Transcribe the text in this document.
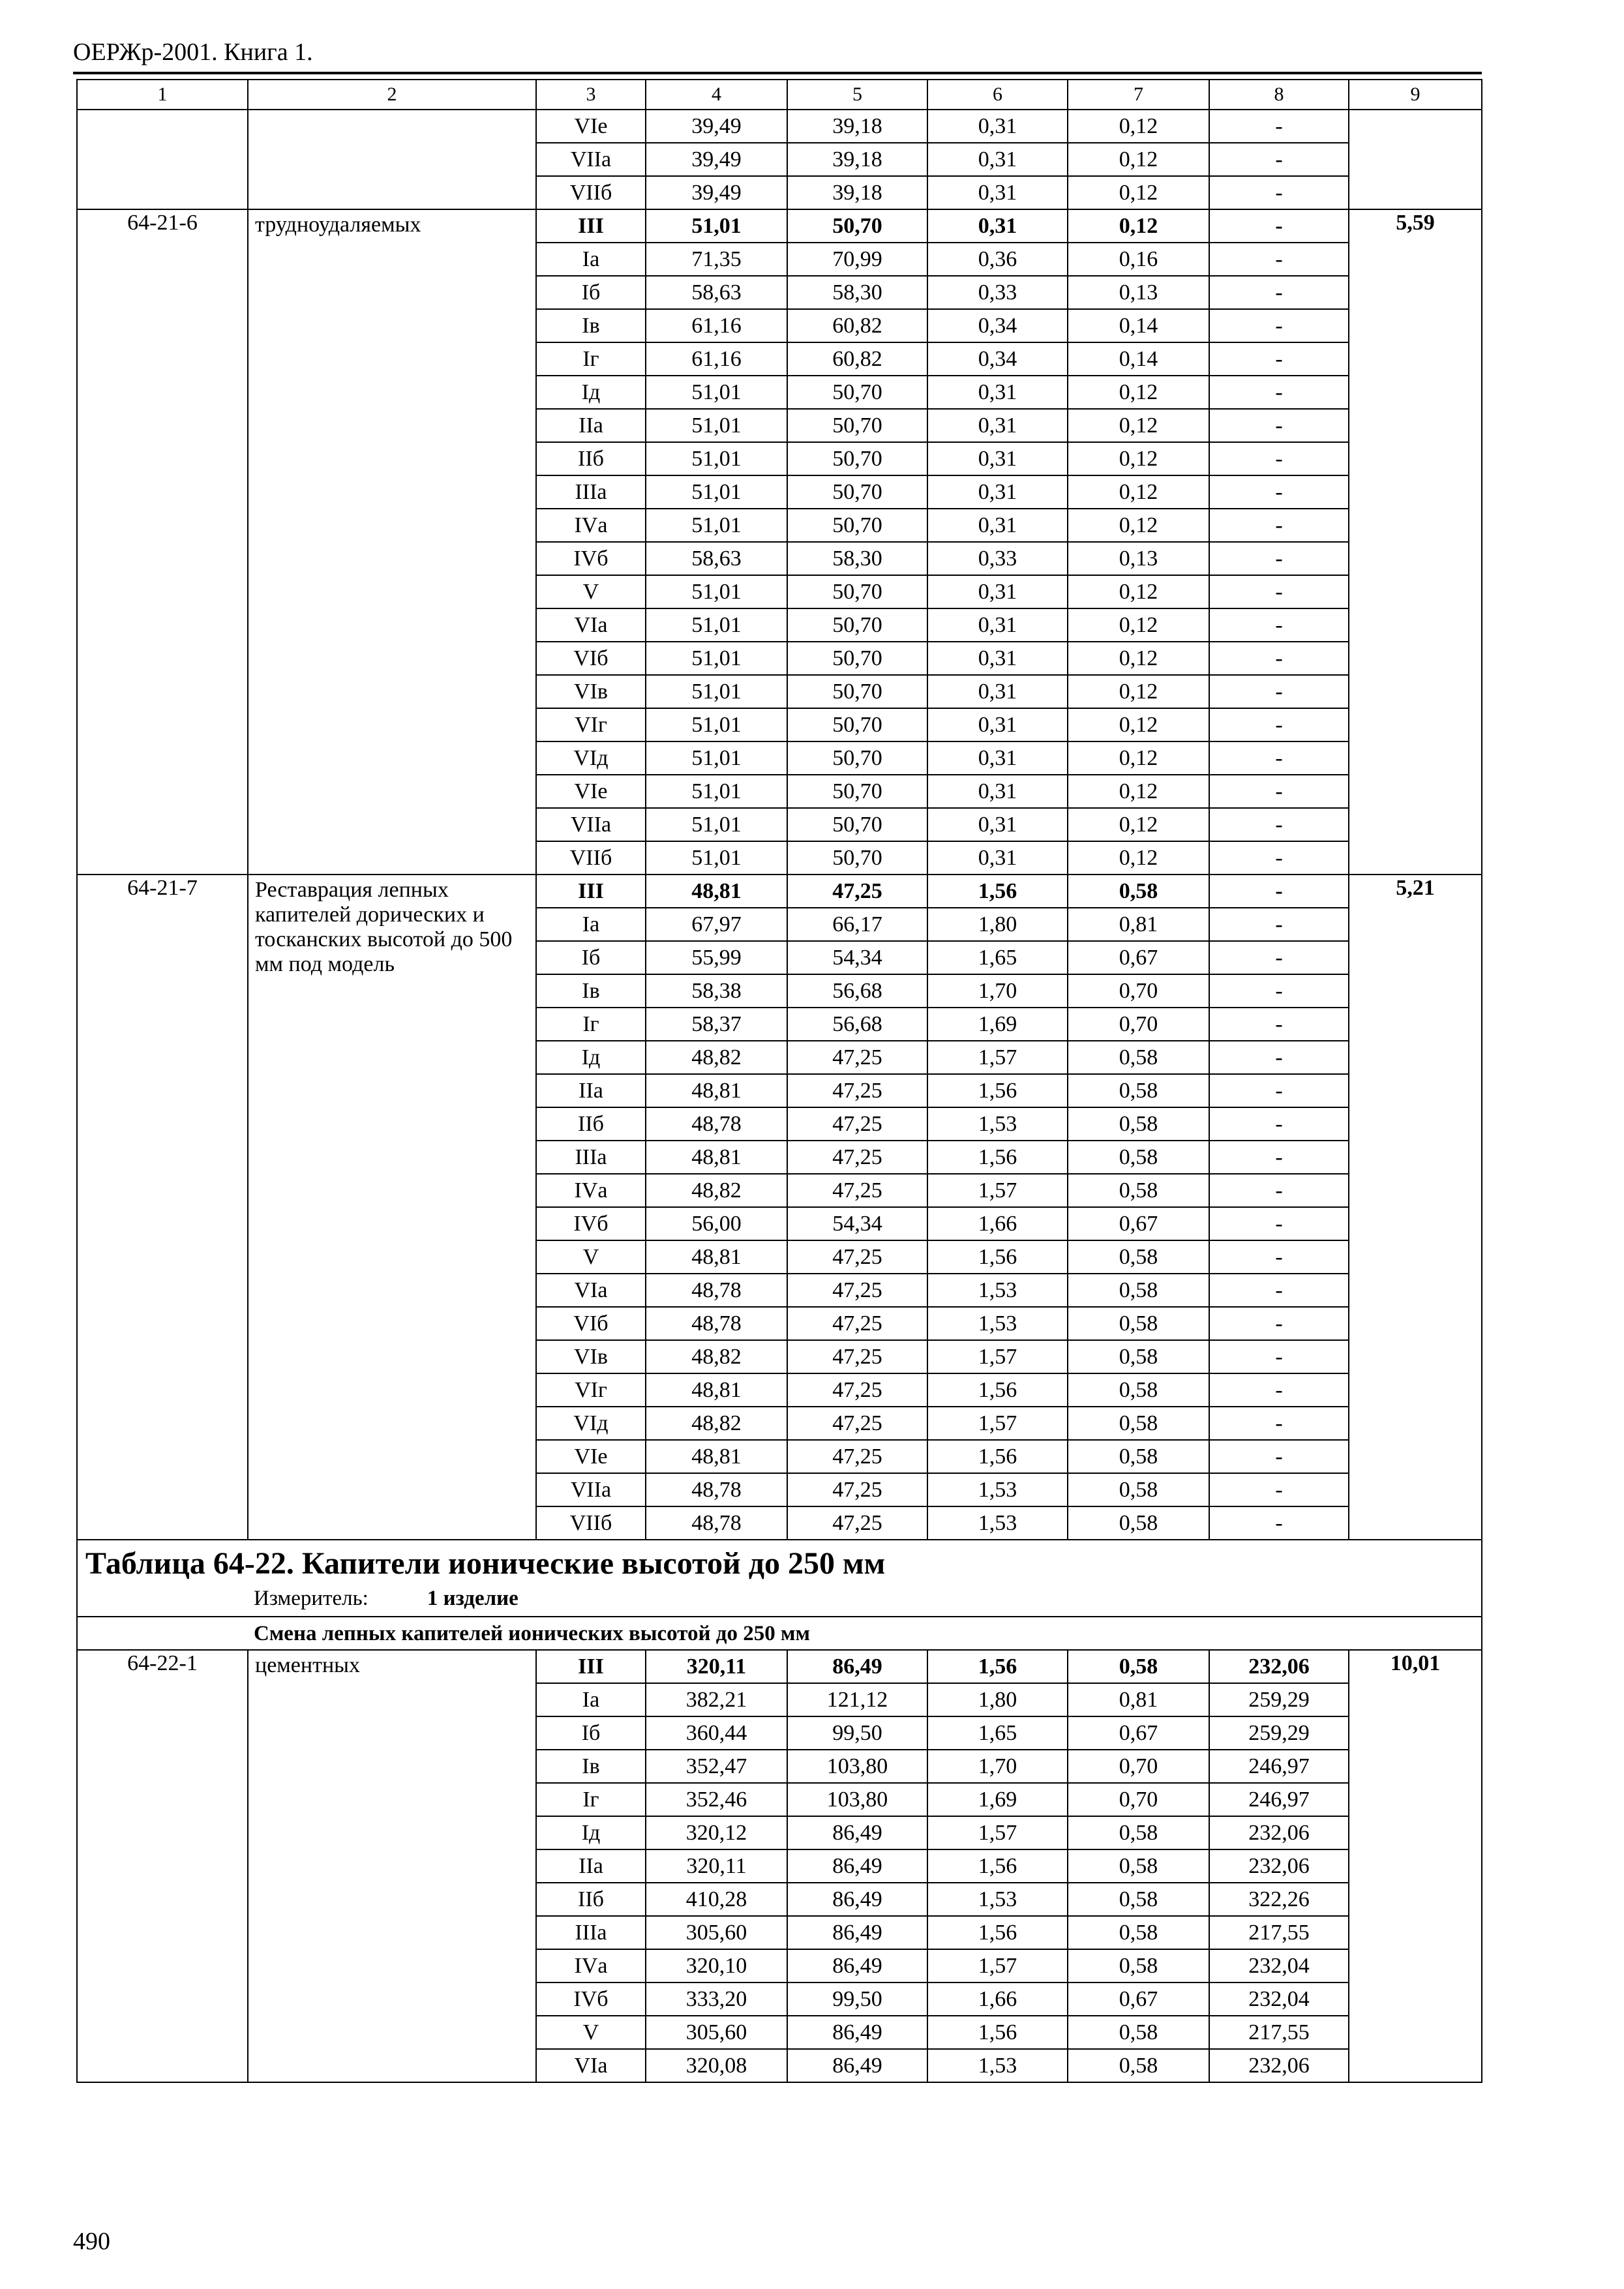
ОЕРЖр-2001. Книга 1.
1	2	3	4	5	6	7	8	9
		VIе	39,49	39,18	0,31	0,12	-	
		VIIа	39,49	39,18	0,31	0,12	-	
		VIIб	39,49	39,18	0,31	0,12	-	
64-21-6	трудноудаляемых	III	51,01	50,70	0,31	0,12	-	5,59
		Iа	71,35	70,99	0,36	0,16	-	
		Iб	58,63	58,30	0,33	0,13	-	
		Iв	61,16	60,82	0,34	0,14	-	
		Iг	61,16	60,82	0,34	0,14	-	
		Iд	51,01	50,70	0,31	0,12	-	
		IIа	51,01	50,70	0,31	0,12	-	
		IIб	51,01	50,70	0,31	0,12	-	
		IIIа	51,01	50,70	0,31	0,12	-	
		IVа	51,01	50,70	0,31	0,12	-	
		IVб	58,63	58,30	0,33	0,13	-	
		V	51,01	50,70	0,31	0,12	-	
		VIа	51,01	50,70	0,31	0,12	-	
		VIб	51,01	50,70	0,31	0,12	-	
		VIв	51,01	50,70	0,31	0,12	-	
		VIг	51,01	50,70	0,31	0,12	-	
		VIд	51,01	50,70	0,31	0,12	-	
		VIе	51,01	50,70	0,31	0,12	-	
		VIIа	51,01	50,70	0,31	0,12	-	
		VIIб	51,01	50,70	0,31	0,12	-	
64-21-7	Реставрация лепных капителей дорических и тосканских высотой до 500 мм под модель	III	48,81	47,25	1,56	0,58	-	5,21
		Iа	67,97	66,17	1,80	0,81	-	
		Iб	55,99	54,34	1,65	0,67	-	
		Iв	58,38	56,68	1,70	0,70	-	
		Iг	58,37	56,68	1,69	0,70	-	
		Iд	48,82	47,25	1,57	0,58	-	
		IIа	48,81	47,25	1,56	0,58	-	
		IIб	48,78	47,25	1,53	0,58	-	
		IIIа	48,81	47,25	1,56	0,58	-	
		IVа	48,82	47,25	1,57	0,58	-	
		IVб	56,00	54,34	1,66	0,67	-	
		V	48,81	47,25	1,56	0,58	-	
		VIа	48,78	47,25	1,53	0,58	-	
		VIб	48,78	47,25	1,53	0,58	-	
		VIв	48,82	47,25	1,57	0,58	-	
		VIг	48,81	47,25	1,56	0,58	-	
		VIд	48,82	47,25	1,57	0,58	-	
		VIе	48,81	47,25	1,56	0,58	-	
		VIIа	48,78	47,25	1,53	0,58	-	
		VIIб	48,78	47,25	1,53	0,58	-	

Таблица 64-22. Капители ионические высотой до 250 мм
Измеритель: 1 изделие								

Смена лепных капителей ионических высотой до 250 мм								
64-22-1	цементных	III	320,11	86,49	1,56	0,58	232,06	10,01
		Iа	382,21	121,12	1,80	0,81	259,29	
		Iб	360,44	99,50	1,65	0,67	259,29	
		Iв	352,47	103,80	1,70	0,70	246,97	
		Iг	352,46	103,80	1,69	0,70	246,97	
		Iд	320,12	86,49	1,57	0,58	232,06	
		IIа	320,11	86,49	1,56	0,58	232,06	
		IIб	410,28	86,49	1,53	0,58	322,26	
		IIIа	305,60	86,49	1,56	0,58	217,55	
		IVа	320,10	86,49	1,57	0,58	232,04	
		IVб	333,20	99,50	1,66	0,67	232,04	
		V	305,60	86,49	1,56	0,58	217,55	
		VIа	320,08	86,49	1,53	0,58	232,06	
490
